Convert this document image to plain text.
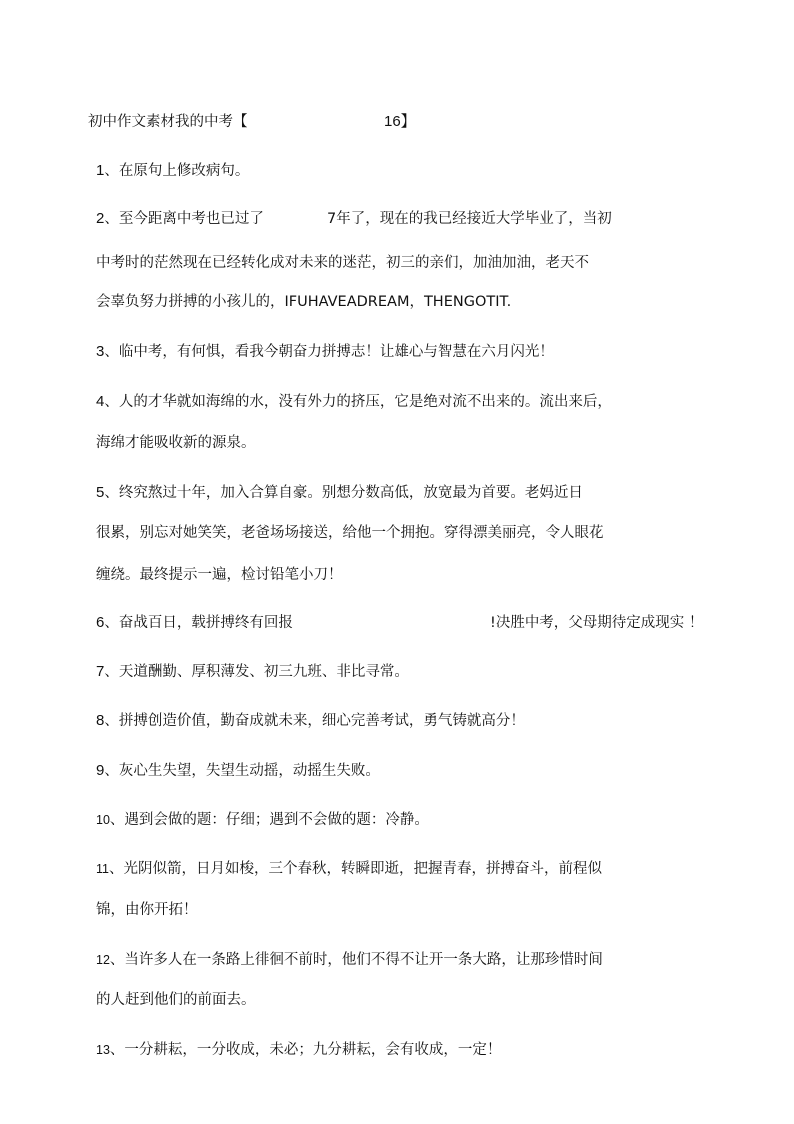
初中作文素材我的中考【	16】
1、在原句上修改病句。
2、至今距离中考也已过了	7年了，现在的我已经接近大学毕业了，当初
中考时的茫然现在已经转化成对未来的迷茫，初三的亲们，加油加油，老天不
会辜负努力拼搏的小孩儿的，IFUHAVEADREAM，THENGOTIT.
3、临中考，有何惧，看我今朝奋力拼搏志！让雄心与智慧在六月闪光！
4、人的才华就如海绵的水，没有外力的挤压，它是绝对流不出来的。流出来后，
海绵才能吸收新的源泉。
5、终究熬过十年，加入合算自豪。别想分数高低，放宽最为首要。老妈近日
很累，别忘对她笑笑，老爸场场接送，给他一个拥抱。穿得漂美丽亮，令人眼花
缠绕。最终提示一遍，检讨铅笔小刀！
6、奋战百日，载拼搏终有回报	!决胜中考，父母期待定成现实 ！
7、天道酬勤、厚积薄发、初三九班、非比寻常。
8、拼搏创造价值，勤奋成就未来，细心完善考试，勇气铸就高分！
9、灰心生失望，失望生动摇，动摇生失败。
10、遇到会做的题：仔细；遇到不会做的题：冷静。
11、光阴似箭，日月如梭，三个春秋，转瞬即逝，把握青春，拼搏奋斗，前程似
锦，由你开拓！
12、当许多人在一条路上徘徊不前时，他们不得不让开一条大路，让那珍惜时间
的人赶到他们的前面去。
13、一分耕耘，一分收成，未必；九分耕耘，会有收成，一定！
